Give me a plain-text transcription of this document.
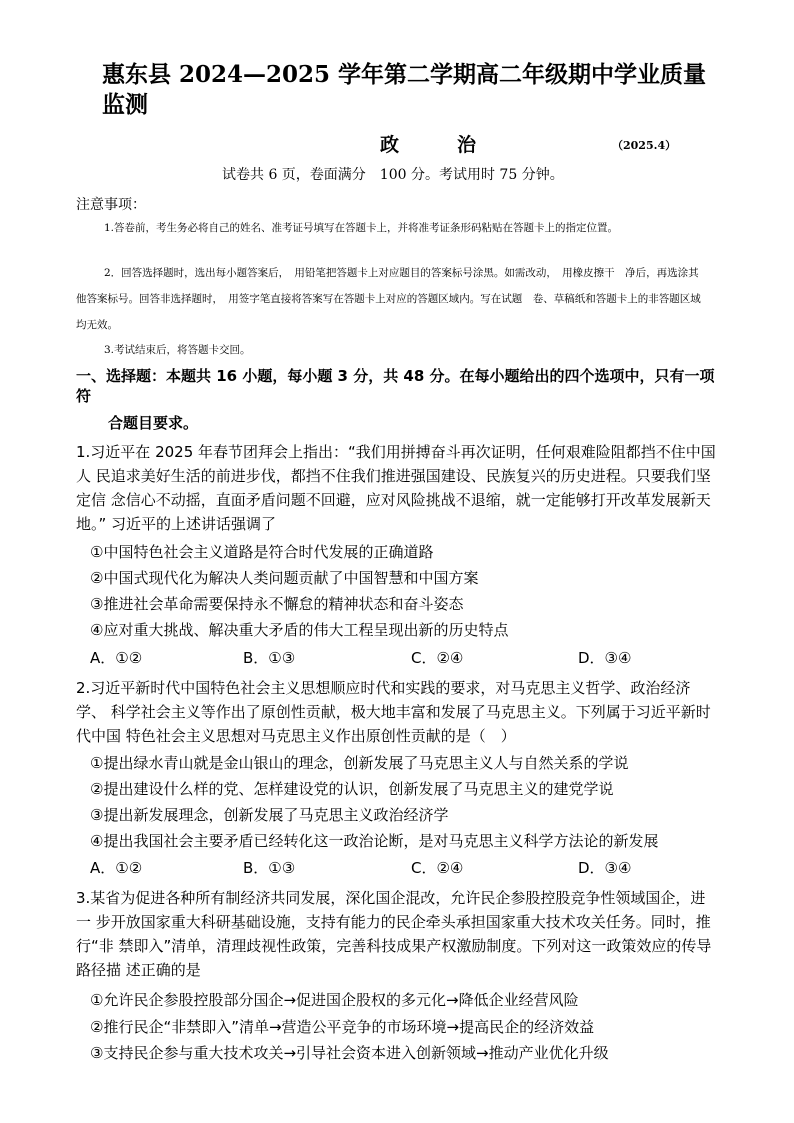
惠东县 2024—2025 学年第二学期高二年级期中学业质量监测
政治	（2025.4）
试卷共 6 页，卷面满分　100 分。考试用时 75 分钟。
注意事项：

1.答卷前，考生务必将自己的姓名、准考证号填写在答题卡上，并将准考证条形码粘贴在答题卡上的指定位置。

2．回答选择题时，选出每小题答案后，　用铅笔把答题卡上对应题目的答案标号涂黑。如需改动，　用橡皮擦干　净后，再选涂其他答案标号。回答非选择题时，　用签字笔直接将答案写在答题卡上对应的答题区域内。写在试题　卷、草稿纸和答题卡上的非答题区域均无效。

3.考试结束后，将答题卡交回。

一、选择题：本题共 16 小题，每小题 3 分，共 48 分。在每小题给出的四个选项中，只有一项符

合题目要求。

1.习近平在 2025 年春节团拜会上指出：“我们用拼搏奋斗再次证明，任何艰难险阻都挡不住中国人 民追求美好生活的前进步伐，都挡不住我们推进强国建设、民族复兴的历史进程。只要我们坚定信 念信心不动摇，直面矛盾问题不回避，应对风险挑战不退缩，就一定能够打开改革发展新天地。” 习近平的上述讲话强调了

①中国特色社会主义道路是符合时代发展的正确道路
②中国式现代化为解决人类问题贡献了中国智慧和中国方案
③推进社会革命需要保持永不懈怠的精神状态和奋斗姿态
④应对重大挑战、解决重大矛盾的伟大工程呈现出新的历史特点
A．①②	B．①③	C．②④	D．③④

2.习近平新时代中国特色社会主义思想顺应时代和实践的要求，对马克思主义哲学、政治经济学、 科学社会主义等作出了原创性贡献，极大地丰富和发展了马克思主义。下列属于习近平新时代中国 特色社会主义思想对马克思主义作出原创性贡献的是（　）

①提出绿水青山就是金山银山的理念，创新发展了马克思主义人与自然关系的学说
②提出建设什么样的党、怎样建设党的认识，创新发展了马克思主义的建党学说
③提出新发展理念，创新发展了马克思主义政治经济学
④提出我国社会主要矛盾已经转化这一政治论断，是对马克思主义科学方法论的新发展
A．①②	B．①③	C．②④	D．③④

3.某省为促进各种所有制经济共同发展，深化国企混改，允许民企参股控股竞争性领域国企，进一 步开放国家重大科研基础设施，支持有能力的民企牵头承担国家重大技术攻关任务。同时，推行“非 禁即入”清单，清理歧视性政策，完善科技成果产权激励制度。下列对这一政策效应的传导路径描 述正确的是

①允许民企参股控股部分国企→促进国企股权的多元化→降低企业经营风险
②推行民企“非禁即入”清单→营造公平竞争的市场环境→提高民企的经济效益
③支持民企参与重大技术攻关→引导社会资本进入创新领域→推动产业优化升级
